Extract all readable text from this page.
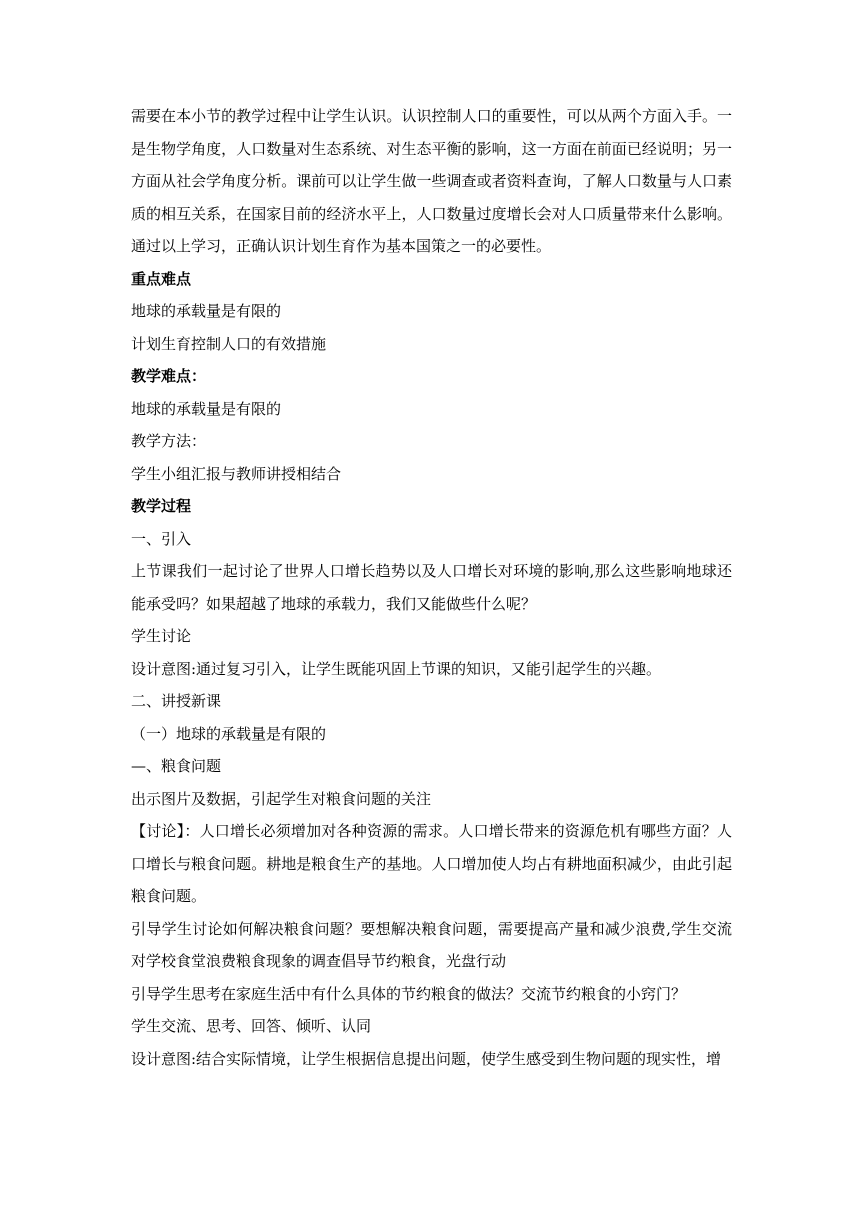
需要在本小节的教学过程中让学生认识。认识控制人口的重要性，可以从两个方面入手。一是生物学角度，人口数量对生态系统、对生态平衡的影响，这一方面在前面已经说明；另一方面从社会学角度分析。课前可以让学生做一些调查或者资料查询，了解人口数量与人口素质的相互关系，在国家目前的经济水平上，人口数量过度增长会对人口质量带来什么影响。通过以上学习，正确认识计划生育作为基本国策之一的必要性。

重点难点

地球的承载量是有限的

计划生育控制人口的有效措施

教学难点：

地球的承载量是有限的

教学方法：

学生小组汇报与教师讲授相结合

教学过程

一、引入

上节课我们一起讨论了世界人口增长趋势以及人口增长对环境的影响,那么这些影响地球还能承受吗？如果超越了地球的承载力，我们又能做些什么呢？

学生讨论

设计意图:通过复习引入，让学生既能巩固上节课的知识，又能引起学生的兴趣。

二、讲授新课

（一）地球的承载量是有限的

—、粮食问题

出示图片及数据，引起学生对粮食问题的关注

【讨论】：人口增长必须增加对各种资源的需求。人口增长带来的资源危机有哪些方面？人口增长与粮食问题。耕地是粮食生产的基地。人口增加使人均占有耕地面积减少，由此引起粮食问题。

引导学生讨论如何解决粮食问题？要想解决粮食问题，需要提高产量和减少浪费,学生交流对学校食堂浪费粮食现象的调查倡导节约粮食，光盘行动

引导学生思考在家庭生活中有什么具体的节约粮食的做法？交流节约粮食的小窍门？

学生交流、思考、回答、倾听、认同

设计意图:结合实际情境，让学生根据信息提出问题，使学生感受到生物问题的现实性，增
